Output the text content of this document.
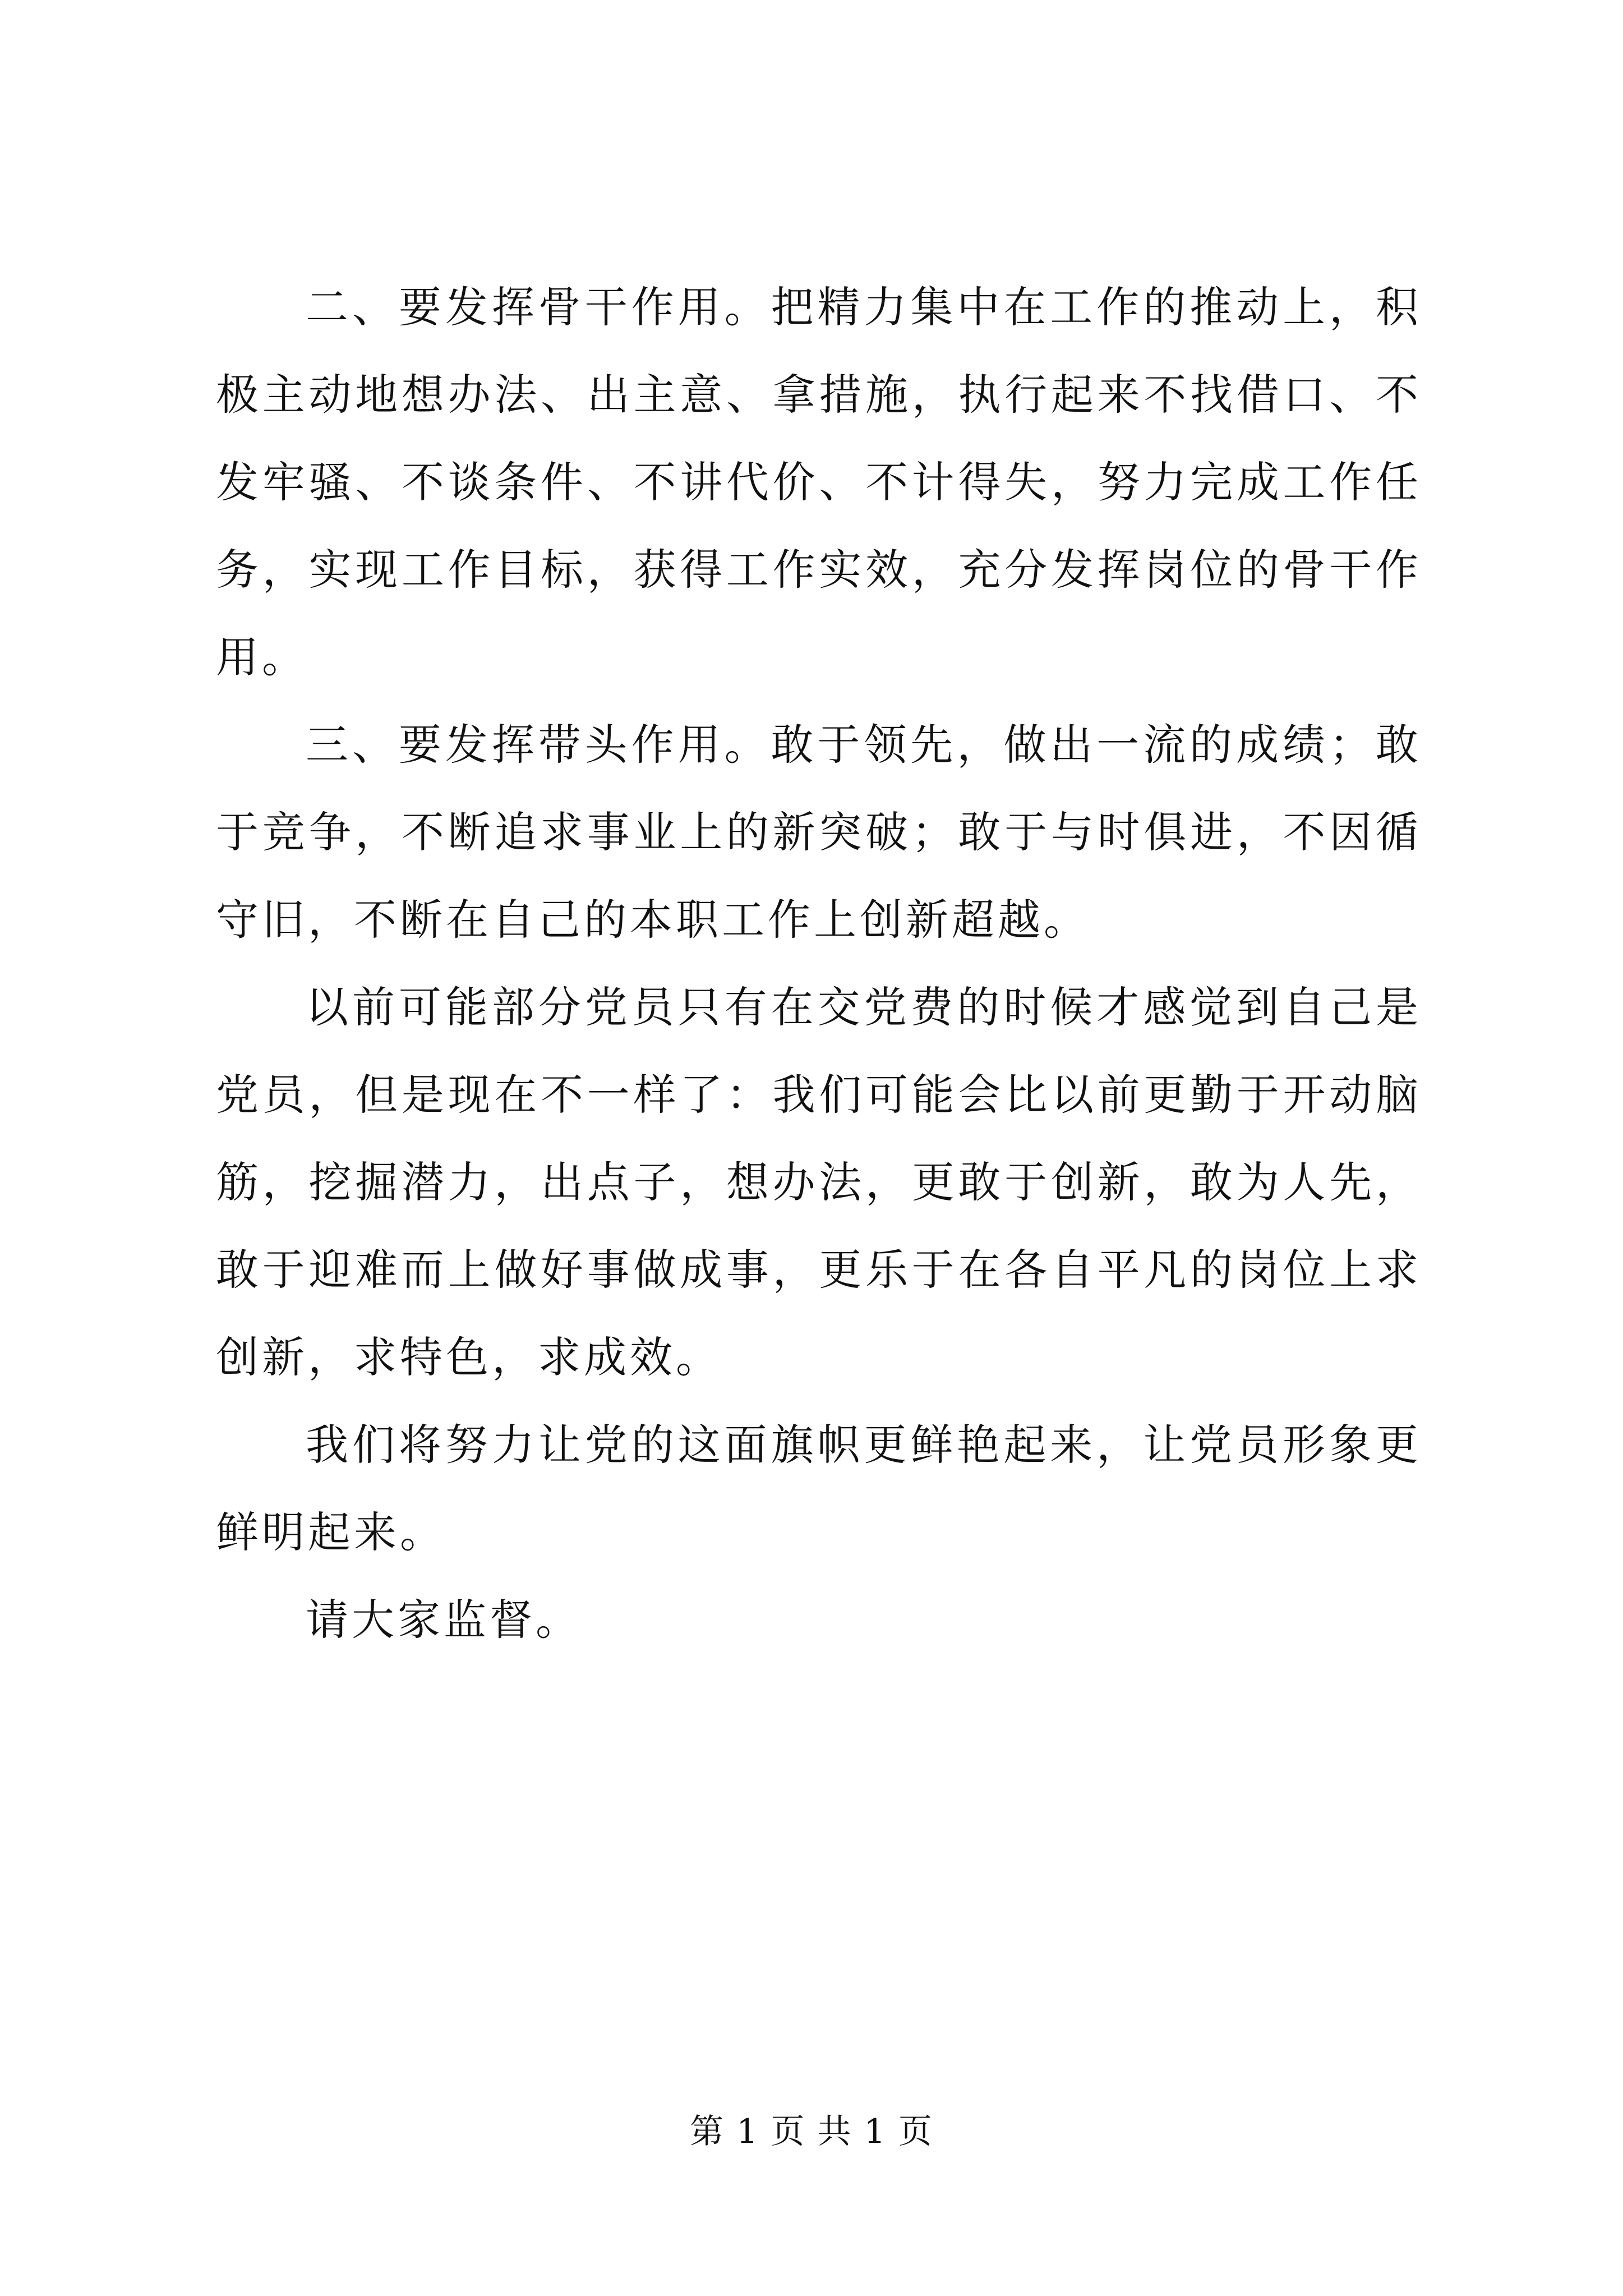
二、要发挥骨干作用。把精力集中在工作的推动上，积极主动地想办法、出主意、拿措施，执行起来不找借口、不发牢骚、不谈条件、不讲代价、不计得失，努力完成工作任务，实现工作目标，获得工作实效，充分发挥岗位的骨干作用。

三、要发挥带头作用。敢于领先，做出一流的成绩；敢于竞争，不断追求事业上的新突破；敢于与时俱进，不因循守旧，不断在自己的本职工作上创新超越。

以前可能部分党员只有在交党费的时候才感觉到自己是党员，但是现在不一样了：我们可能会比以前更勤于开动脑筋，挖掘潜力，出点子，想办法，更敢于创新，敢为人先，敢于迎难而上做好事做成事，更乐于在各自平凡的岗位上求创新，求特色，求成效。

我们将努力让党的这面旗帜更鲜艳起来，让党员形象更鲜明起来。

请大家监督。

第 1 页 共 1 页
